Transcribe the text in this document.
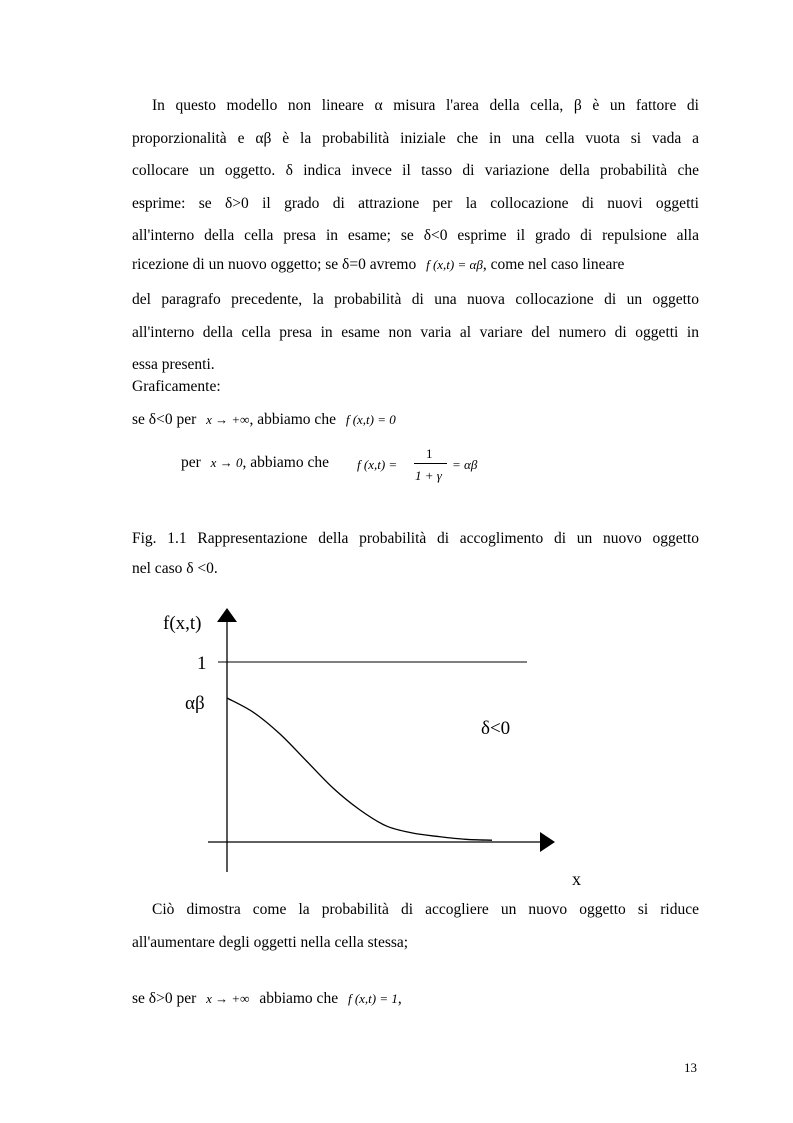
In questo modello non lineare α misura l'area della cella, β è un fattore di
proporzionalità e αβ è la probabilità iniziale che in una cella vuota si vada a
collocare un oggetto. δ indica invece il tasso di variazione della probabilità che
esprime: se δ>0 il grado di attrazione per la collocazione di nuovi oggetti
all'interno della cella presa in esame; se δ<0 esprime il grado di repulsione alla
ricezione di un nuovo oggetto; se δ=0 avremo f (x,t) = αβ, come nel caso lineare
del paragrafo precedente, la probabilità di una nuova collocazione di un oggetto
all'interno della cella presa in esame non varia al variare del numero di oggetti in
essa presenti.
Graficamente:
se δ<0 per x → +∞, abbiamo che f (x,t) = 0
per x → 0, abbiamo che f (x,t) =
1
1 + γ
= αβ
Fig. 1.1 Rappresentazione della probabilità di accoglimento di un nuovo oggetto
nel caso δ <0.
f(x,t)
1
αβ
δ<0
x
Ciò dimostra come la probabilità di accogliere un nuovo oggetto si riduce
all'aumentare degli oggetti nella cella stessa;
se δ>0 per x → +∞ abbiamo che f (x,t) = 1,
13
